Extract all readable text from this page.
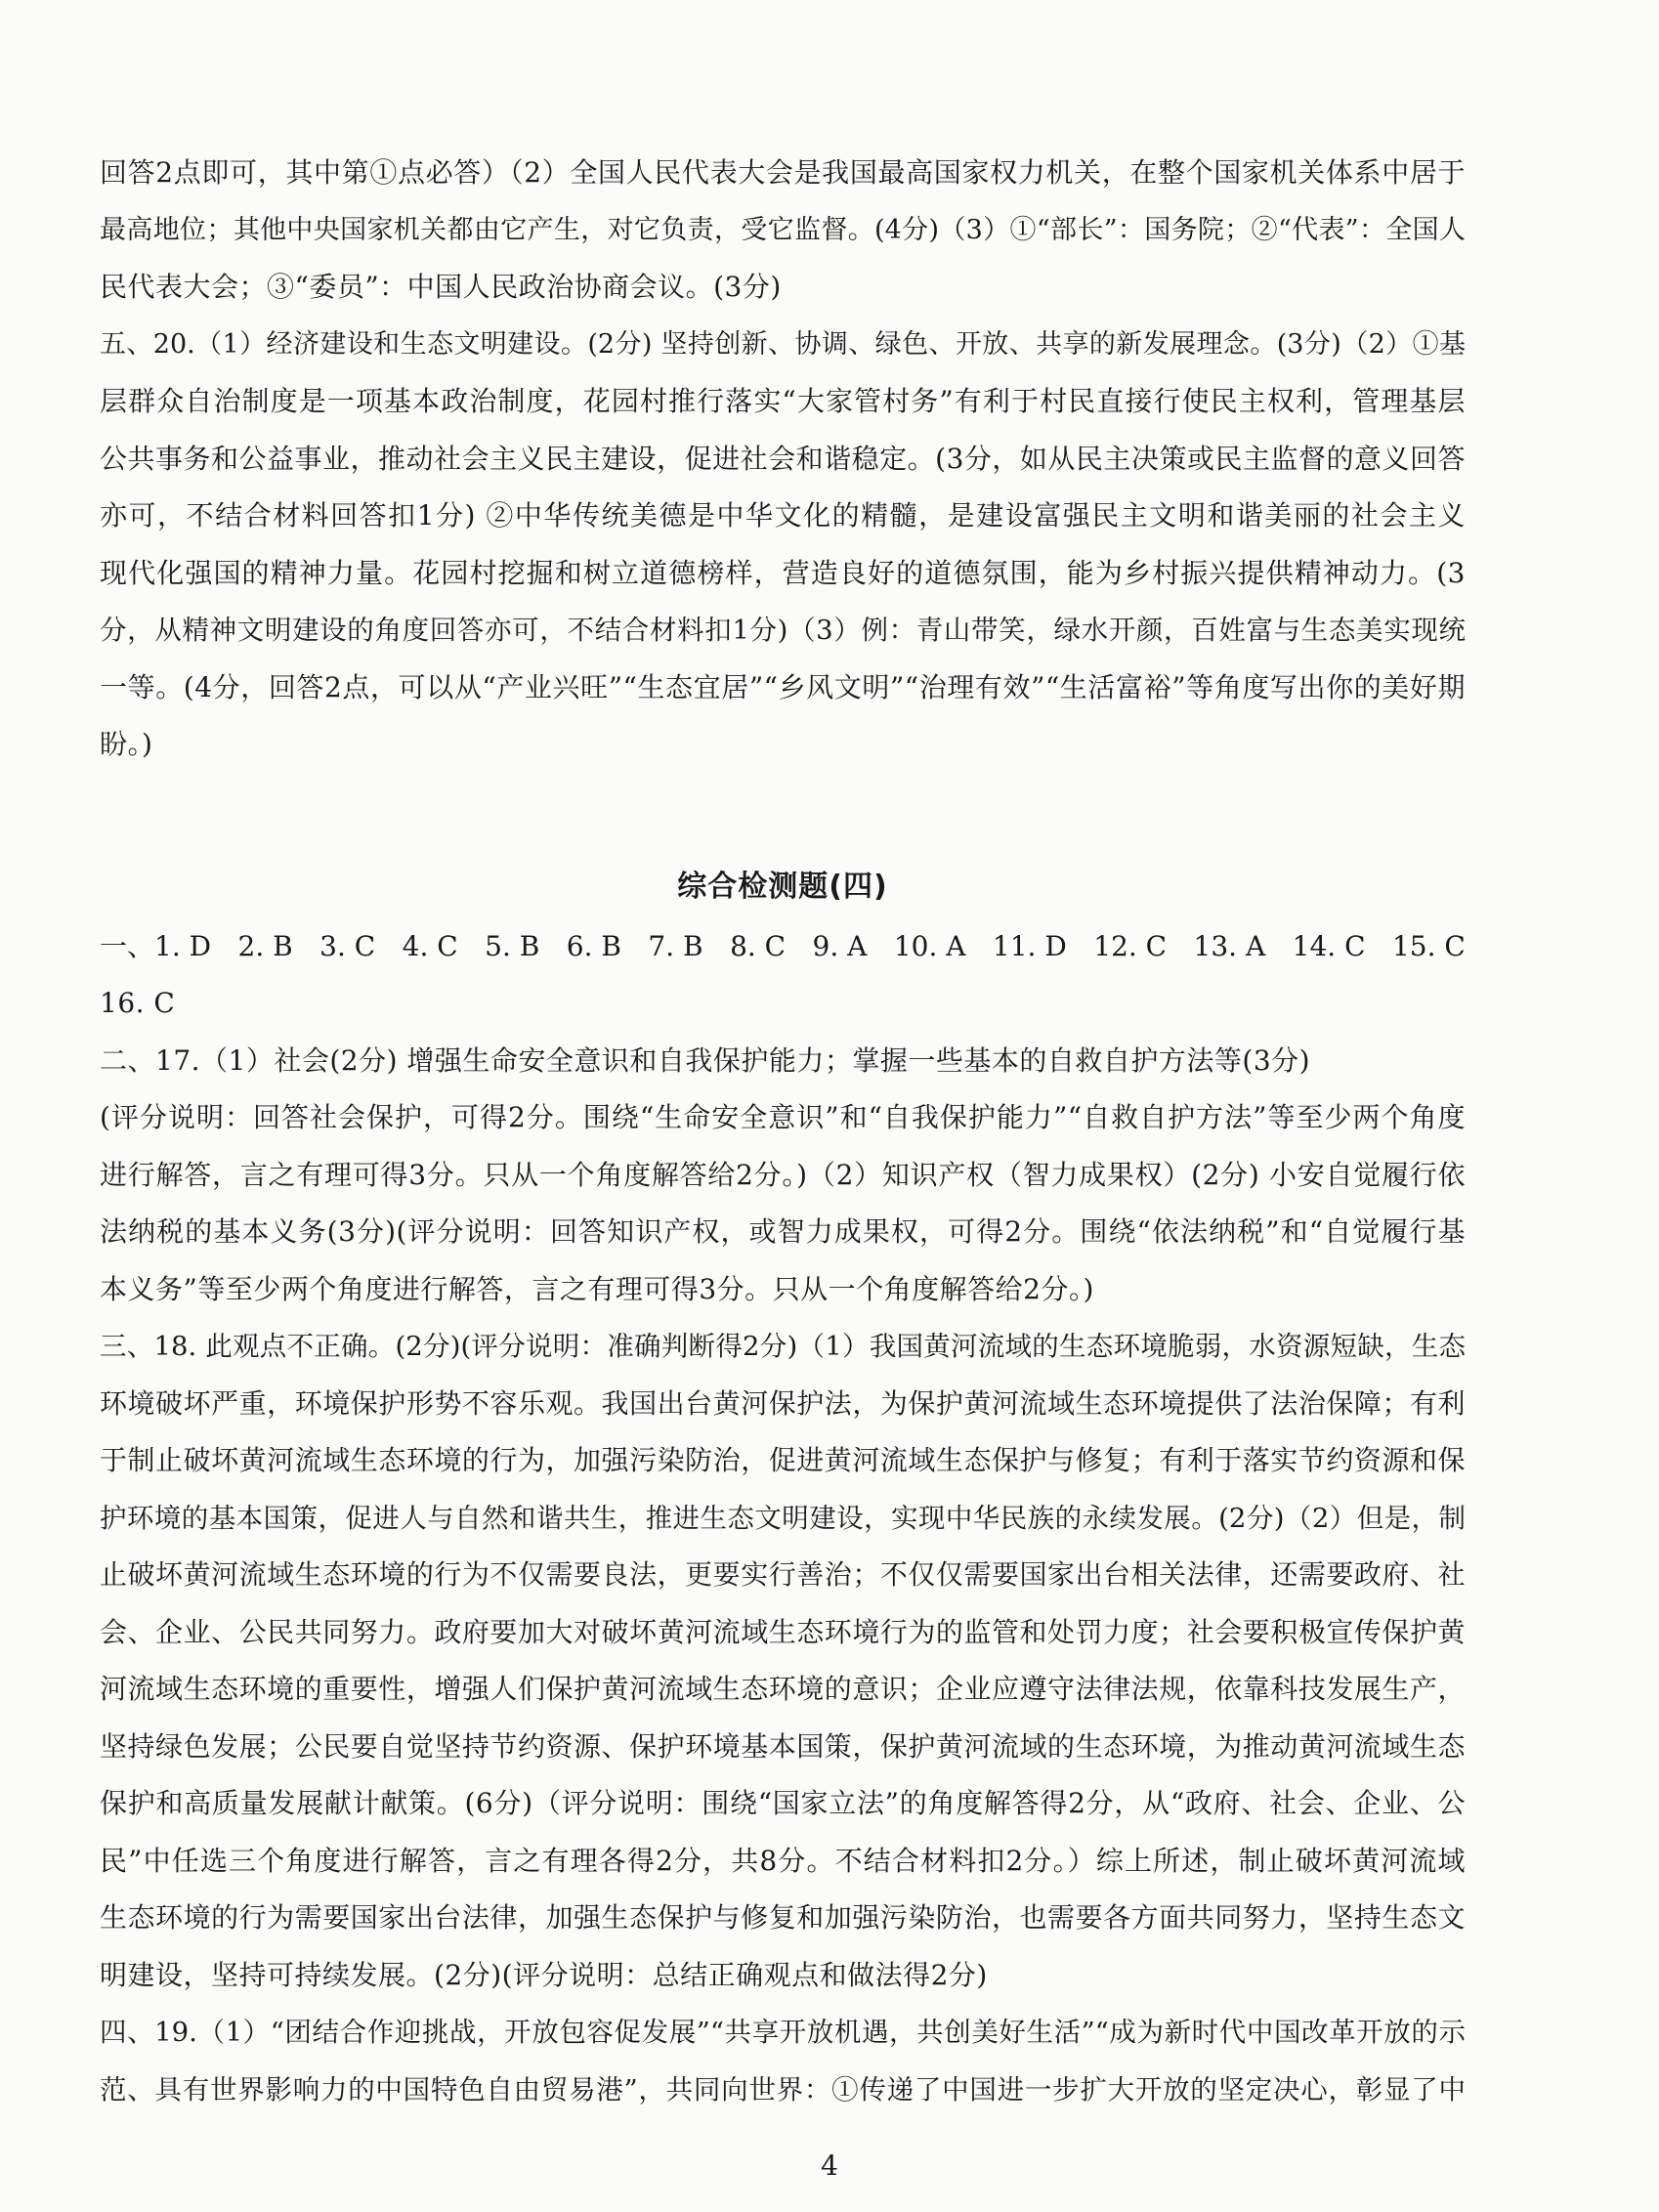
回答2点即可，其中第①点必答）（2）全国人民代表大会是我国最高国家权力机关，在整个国家机关体系中居于
最高地位；其他中央国家机关都由它产生，对它负责，受它监督。(4分)（3）①“部长”：国务院；②“代表”：全国人
民代表大会；③“委员”：中国人民政治协商会议。(3分)
五、20.（1）经济建设和生态文明建设。(2分) 坚持创新、协调、绿色、开放、共享的新发展理念。(3分)（2）①基
层群众自治制度是一项基本政治制度，花园村推行落实“大家管村务”有利于村民直接行使民主权利，管理基层
公共事务和公益事业，推动社会主义民主建设，促进社会和谐稳定。(3分，如从民主决策或民主监督的意义回答
亦可，不结合材料回答扣1分) ②中华传统美德是中华文化的精髓，是建设富强民主文明和谐美丽的社会主义
现代化强国的精神力量。花园村挖掘和树立道德榜样，营造良好的道德氛围，能为乡村振兴提供精神动力。(3
分，从精神文明建设的角度回答亦可，不结合材料扣1分)（3）例：青山带笑，绿水开颜，百姓富与生态美实现统
一等。(4分，回答2点，可以从“产业兴旺”“生态宜居”“乡风文明”“治理有效”“生活富裕”等角度写出你的美好期
盼。)
综合检测题(四)
一、1. D 2. B 3. C 4. C 5. B 6. B 7. B 8. C 9. A 10. A 11. D 12. C 13. A 14. C 15. C
16. C
二、17.（1）社会(2分) 增强生命安全意识和自我保护能力；掌握一些基本的自救自护方法等(3分)
(评分说明：回答社会保护，可得2分。围绕“生命安全意识”和“自我保护能力”“自救自护方法”等至少两个角度
进行解答，言之有理可得3分。只从一个角度解答给2分。)（2）知识产权（智力成果权）(2分) 小安自觉履行依
法纳税的基本义务(3分)(评分说明：回答知识产权，或智力成果权，可得2分。围绕“依法纳税”和“自觉履行基
本义务”等至少两个角度进行解答，言之有理可得3分。只从一个角度解答给2分。)
三、18. 此观点不正确。(2分)(评分说明：准确判断得2分)（1）我国黄河流域的生态环境脆弱，水资源短缺，生态
环境破坏严重，环境保护形势不容乐观。我国出台黄河保护法，为保护黄河流域生态环境提供了法治保障；有利
于制止破坏黄河流域生态环境的行为，加强污染防治，促进黄河流域生态保护与修复；有利于落实节约资源和保
护环境的基本国策，促进人与自然和谐共生，推进生态文明建设，实现中华民族的永续发展。(2分)（2）但是，制
止破坏黄河流域生态环境的行为不仅需要良法，更要实行善治；不仅仅需要国家出台相关法律，还需要政府、社
会、企业、公民共同努力。政府要加大对破坏黄河流域生态环境行为的监管和处罚力度；社会要积极宣传保护黄
河流域生态环境的重要性，增强人们保护黄河流域生态环境的意识；企业应遵守法律法规，依靠科技发展生产，
坚持绿色发展；公民要自觉坚持节约资源、保护环境基本国策，保护黄河流域的生态环境，为推动黄河流域生态
保护和高质量发展献计献策。(6分)（评分说明：围绕“国家立法”的角度解答得2分，从“政府、社会、企业、公
民”中任选三个角度进行解答，言之有理各得2分，共8分。不结合材料扣2分。）综上所述，制止破坏黄河流域
生态环境的行为需要国家出台法律，加强生态保护与修复和加强污染防治，也需要各方面共同努力，坚持生态文
明建设，坚持可持续发展。(2分)(评分说明：总结正确观点和做法得2分)
四、19.（1）“团结合作迎挑战，开放包容促发展”“共享开放机遇，共创美好生活”“成为新时代中国改革开放的示
范、具有世界影响力的中国特色自由贸易港”，共同向世界：①传递了中国进一步扩大开放的坚定决心，彰显了中
4
